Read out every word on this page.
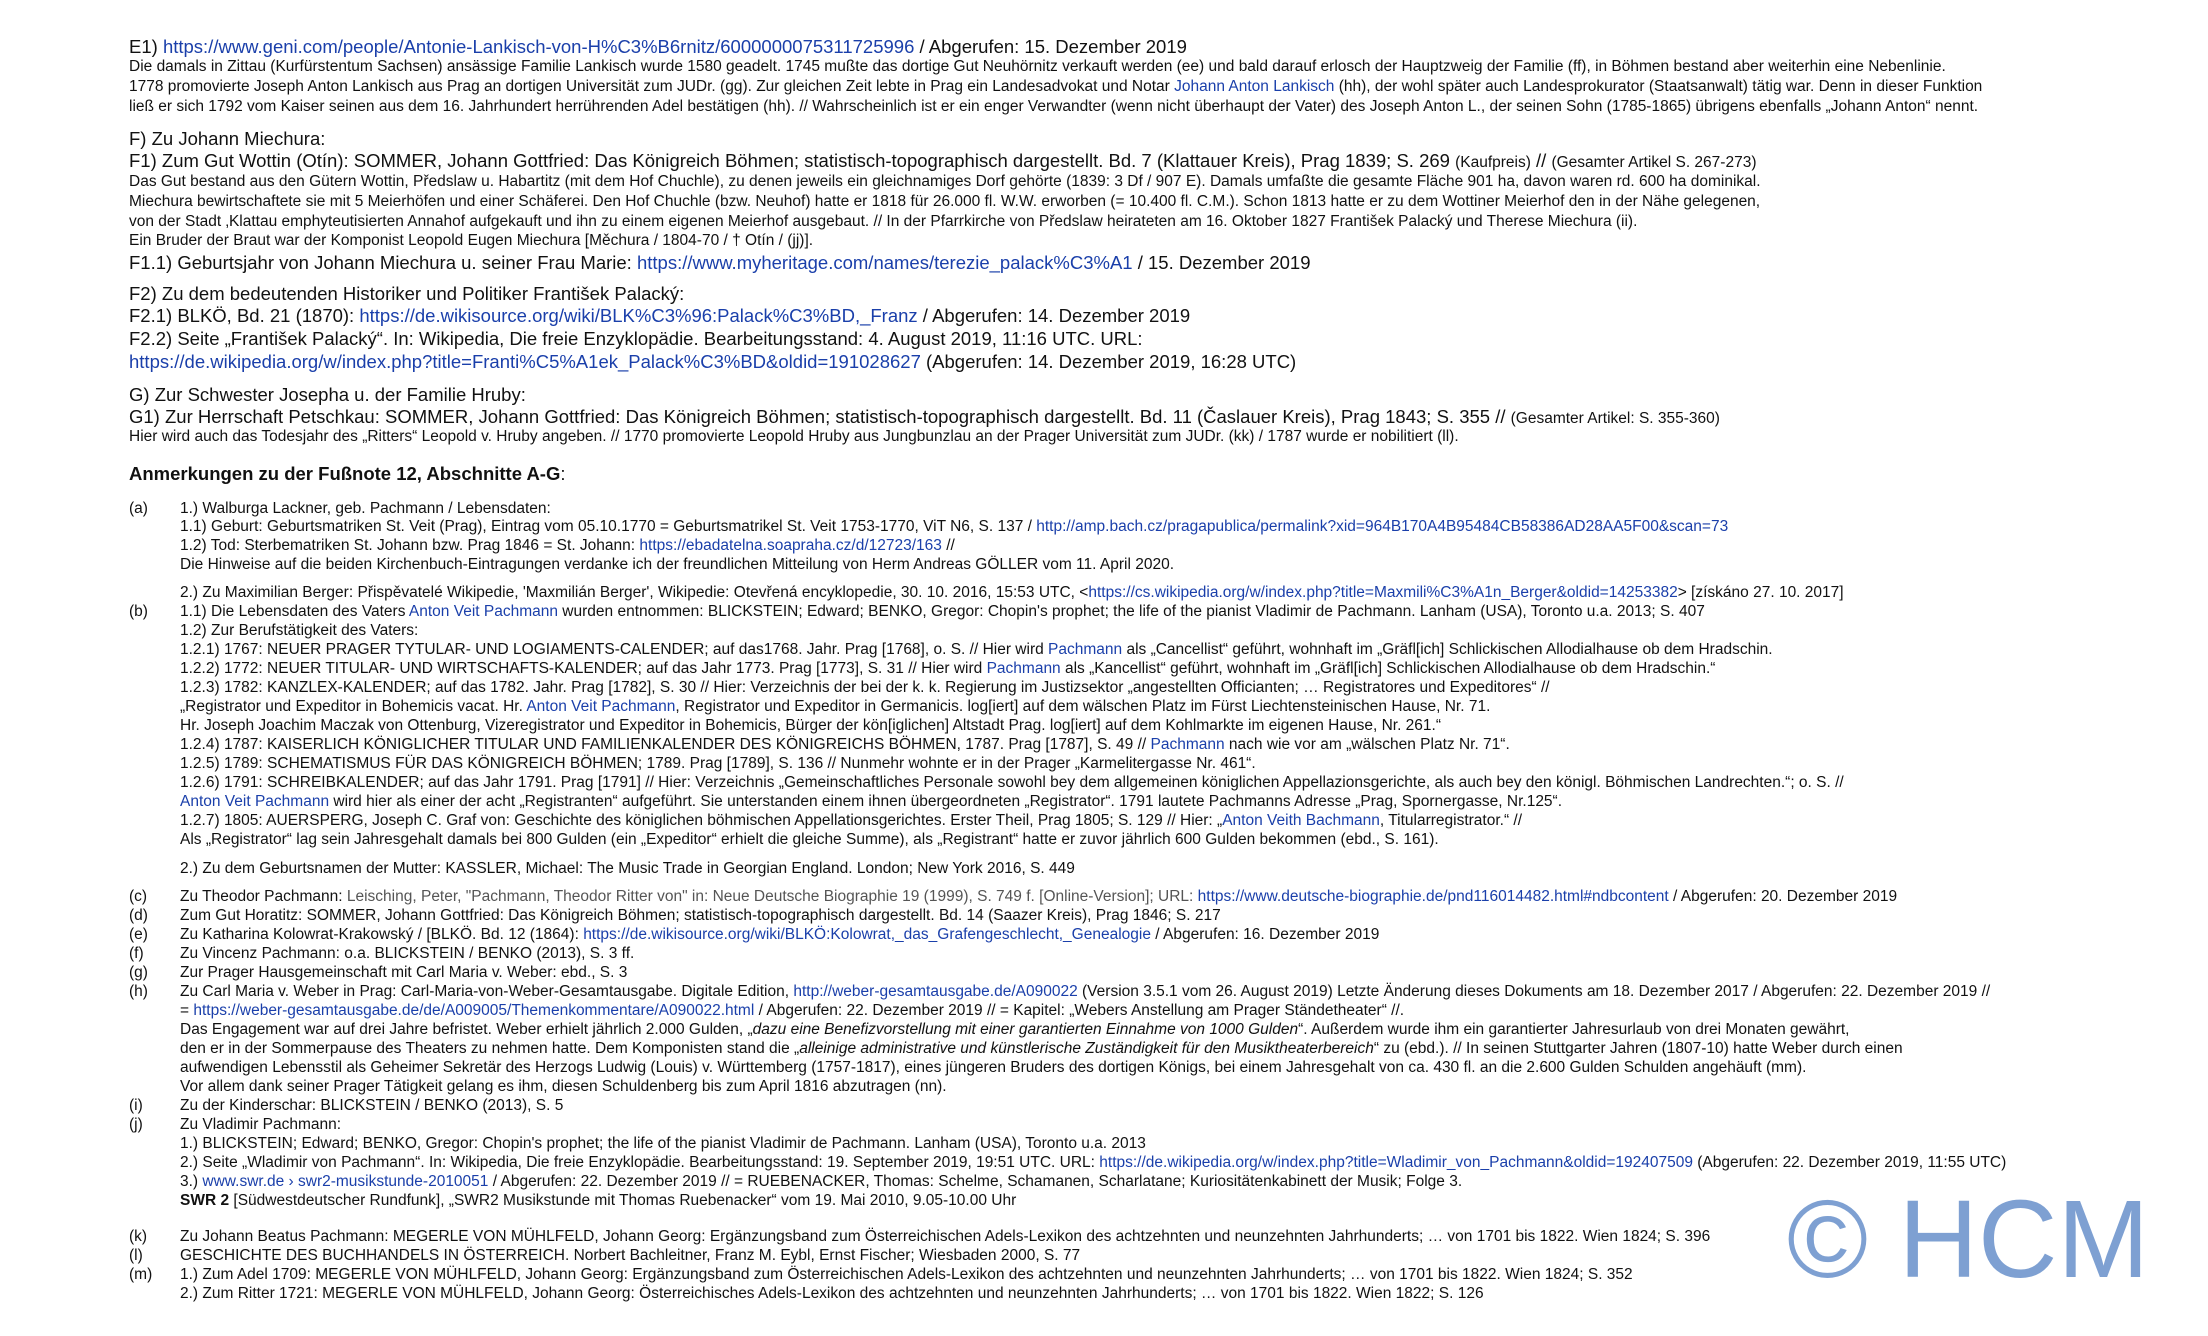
E1) https://www.geni.com/people/Antonie-Lankisch-von-H%C3%B6rnitz/6000000075311725996 / Abgerufen: 15. Dezember 2019
Die damals in Zittau (Kurfürstentum Sachsen) ansässige Familie Lankisch wurde 1580 geadelt. 1745 mußte das dortige Gut Neuhörnitz verkauft werden (ee) und bald darauf erlosch der Hauptzweig der Familie (ff), in Böhmen bestand aber weiterhin eine Nebenlinie.
1778 promovierte Joseph Anton Lankisch aus Prag an dortigen Universität zum JUDr. (gg). Zur gleichen Zeit lebte in Prag ein Landesadvokat und Notar Johann Anton Lankisch (hh), der wohl später auch Landesprokurator (Staatsanwalt) tätig war. Denn in dieser Funktion
ließ er sich 1792 vom Kaiser seinen aus dem 16. Jahrhundert herrührenden Adel bestätigen (hh). // Wahrscheinlich ist er ein enger Verwandter (wenn nicht überhaupt der Vater) des Joseph Anton L., der seinen Sohn (1785-1865) übrigens ebenfalls „Johann Anton“ nennt.
F) Zu Johann Miechura:
F1) Zum Gut Wottin (Otín): SOMMER, Johann Gottfried: Das Königreich Böhmen; statistisch-topographisch dargestellt. Bd. 7 (Klattauer Kreis), Prag 1839; S. 269 (Kaufpreis) // (Gesamter Artikel S. 267-273)
Das Gut bestand aus den Gütern Wottin, Předslaw u. Habartitz (mit dem Hof Chuchle), zu denen jeweils ein gleichnamiges Dorf gehörte (1839: 3 Df / 907 E). Damals umfaßte die gesamte Fläche 901 ha, davon waren rd. 600 ha dominikal.
Miechura bewirtschaftete sie mit 5 Meierhöfen und einer Schäferei. Den Hof Chuchle (bzw. Neuhof) hatte er 1818 für 26.000 fl. W.W. erworben (= 10.400 fl. C.M.). Schon 1813 hatte er zu dem Wottiner Meierhof den in der Nähe gelegenen,
von der Stadt ‚Klattau emphyteutisierten Annahof aufgekauft und ihn zu einem eigenen Meierhof ausgebaut. // In der Pfarrkirche von Předslaw heirateten am 16. Oktober 1827 František Palacký und Therese Miechura (ii).
Ein Bruder der Braut war der Komponist Leopold Eugen Miechura [Měchura / 1804-70 / † Otín / (jj)].
F1.1) Geburtsjahr von Johann Miechura u. seiner Frau Marie: https://www.myheritage.com/names/terezie_palack%C3%A1 / 15. Dezember 2019
F2) Zu dem bedeutenden Historiker und Politiker František Palacký:
F2.1) BLKÖ, Bd. 21 (1870): https://de.wikisource.org/wiki/BLK%C3%96:Palack%C3%BD,_Franz / Abgerufen: 14. Dezember 2019
F2.2) Seite „František Palacký“. In: Wikipedia, Die freie Enzyklopädie. Bearbeitungsstand: 4. August 2019, 11:16 UTC. URL:
https://de.wikipedia.org/w/index.php?title=Franti%C5%A1ek_Palack%C3%BD&oldid=191028627 (Abgerufen: 14. Dezember 2019, 16:28 UTC)
G) Zur Schwester Josepha u. der Familie Hruby:
G1) Zur Herrschaft Petschkau: SOMMER, Johann Gottfried: Das Königreich Böhmen; statistisch-topographisch dargestellt. Bd. 11 (Časlauer Kreis), Prag 1843; S. 355 // (Gesamter Artikel: S. 355-360)
Hier wird auch das Todesjahr des „Ritters“ Leopold v. Hruby angeben. // 1770 promovierte Leopold Hruby aus Jungbunzlau an der Prager Universität zum JUDr. (kk) / 1787 wurde er nobilitiert (ll).
Anmerkungen zu der Fußnote 12, Abschnitte A-G:
(a) 1.) Walburga Lackner, geb. Pachmann / Lebensdaten:
1.1) Geburt: Geburtsmatriken St. Veit (Prag), Eintrag vom 05.10.1770 = Geburtsmatrikel St. Veit 1753-1770, ViT N6, S. 137 / http://amp.bach.cz/pragapublica/permalink?xid=964B170A4B95484CB58386AD28AA5F00&scan=73
1.2) Tod: Sterbematriken St. Johann bzw. Prag 1846 = St. Johann: https://ebadatelna.soapraha.cz/d/12723/163 //
Die Hinweise auf die beiden Kirchenbuch-Eintragungen verdanke ich der freundlichen Mitteilung von Herm Andreas GÖLLER vom 11. April 2020.
2.) Zu Maximilian Berger: Přispěvatelé Wikipedie, 'Maxmilián Berger', Wikipedie: Otevřená encyklopedie, 30. 10. 2016, 15:53 UTC, <https://cs.wikipedia.org/w/index.php?title=Maxmili%C3%A1n_Berger&oldid=14253382> [získáno 27. 10. 2017]
(b) 1.1) Die Lebensdaten des Vaters Anton Veit Pachmann wurden entnommen: BLICKSTEIN; Edward; BENKO, Gregor: Chopin's prophet; the life of the pianist Vladimir de Pachmann. Lanham (USA), Toronto u.a. 2013; S. 407
1.2) Zur Berufstätigkeit des Vaters:
1.2.1) 1767: NEUER PRAGER TYTULAR- UND LOGIAMENTS-CALENDER; auf das1768. Jahr. Prag [1768], o. S. // Hier wird Pachmann als „Cancellist“ geführt, wohnhaft im „Gräfl[ich] Schlickischen Allodialhause ob dem Hradschin.
1.2.2) 1772: NEUER TITULAR- UND WIRTSCHAFTS-KALENDER; auf das Jahr 1773. Prag [1773], S. 31 // Hier wird Pachmann als „Kancellist“ geführt, wohnhaft im „Gräfl[ich] Schlickischen Allodialhause ob dem Hradschin.“
1.2.3) 1782: KANZLEX-KALENDER; auf das 1782. Jahr. Prag [1782], S. 30 // Hier: Verzeichnis der bei der k. k. Regierung im Justizsektor „angestellten Officianten; … Registratores und Expeditores“ //
„Registrator und Expeditor in Bohemicis vacat. Hr. Anton Veit Pachmann, Registrator und Expeditor in Germanicis. log[iert] auf dem wälschen Platz im Fürst Liechtensteinischen Hause, Nr. 71.
Hr. Joseph Joachim Maczak von Ottenburg, Vizeregistrator und Expeditor in Bohemicis, Bürger der kön[iglichen] Altstadt Prag. log[iert] auf dem Kohlmarkte im eigenen Hause, Nr. 261.“
1.2.4) 1787: KAISERLICH KÖNIGLICHER TITULAR UND FAMILIENKALENDER DES KÖNIGREICHS BÖHMEN, 1787. Prag [1787], S. 49 // Pachmann nach wie vor am „wälschen Platz Nr. 71“.
1.2.5) 1789: SCHEMATISMUS FÜR DAS KÖNIGREICH BÖHMEN; 1789. Prag [1789], S. 136 // Nunmehr wohnte er in der Prager „Karmelitergasse Nr. 461“.
1.2.6) 1791: SCHREIBKALENDER; auf das Jahr 1791. Prag [1791] // Hier: Verzeichnis „Gemeinschaftliches Personale sowohl bey dem allgemeinen königlichen Appellazionsgerichte, als auch bey den königl. Böhmischen Landrechten.“; o. S. //
Anton Veit Pachmann wird hier als einer der acht „Registranten“ aufgeführt. Sie unterstanden einem ihnen übergeordneten „Registrator“. 1791 lautete Pachmanns Adresse „Prag, Spornergasse, Nr.125“.
1.2.7) 1805: AUERSPERG, Joseph C. Graf von: Geschichte des königlichen böhmischen Appellationsgerichtes. Erster Theil, Prag 1805; S. 129 // Hier: „Anton Veith Bachmann, Titularregistrator.“ //
Als „Registrator“ lag sein Jahresgehalt damals bei 800 Gulden (ein „Expeditor“ erhielt die gleiche Summe), als „Registrant“ hatte er zuvor jährlich 600 Gulden bekommen (ebd., S. 161).
2.) Zu dem Geburtsnamen der Mutter: KASSLER, Michael: The Music Trade in Georgian England. London; New York 2016, S. 449
(c) Zu Theodor Pachmann: Leisching, Peter, "Pachmann, Theodor Ritter von" in: Neue Deutsche Biographie 19 (1999), S. 749 f. [Online-Version]; URL: https://www.deutsche-biographie.de/pnd116014482.html#ndbcontent / Abgerufen: 20. Dezember 2019
(d) Zum Gut Horatitz: SOMMER, Johann Gottfried: Das Königreich Böhmen; statistisch-topographisch dargestellt. Bd. 14 (Saazer Kreis), Prag 1846; S. 217
(e) Zu Katharina Kolowrat-Krakowský / [BLKÖ. Bd. 12 (1864): https://de.wikisource.org/wiki/BLKÖ:Kolowrat,_das_Grafengeschlecht,_Genealogie / Abgerufen: 16. Dezember 2019
(f) Zu Vincenz Pachmann: o.a. BLICKSTEIN / BENKO (2013), S. 3 ff.
(g) Zur Prager Hausgemeinschaft mit Carl Maria v. Weber: ebd., S. 3
(h) Zu Carl Maria v. Weber in Prag: Carl-Maria-von-Weber-Gesamtausgabe. Digitale Edition, http://weber-gesamtausgabe.de/A090022 (Version 3.5.1 vom 26. August 2019) Letzte Änderung dieses Dokuments am 18. Dezember 2017 / Abgerufen: 22. Dezember 2019 //
= https://weber-gesamtausgabe.de/de/A009005/Themenkommentare/A090022.html / Abgerufen: 22. Dezember 2019 // = Kapitel: „Webers Anstellung am Prager Ständetheater“ //.
Das Engagement war auf drei Jahre befristet. Weber erhielt jährlich 2.000 Gulden, „dazu eine Benefizvorstellung mit einer garantierten Einnahme von 1000 Gulden“. Außerdem wurde ihm ein garantierter Jahresurlaub von drei Monaten gewährt,
den er in der Sommerpause des Theaters zu nehmen hatte. Dem Komponisten stand die „alleinige administrative und künstlerische Zuständigkeit für den Musiktheaterbereich“ zu (ebd.). // In seinen Stuttgarter Jahren (1807-10) hatte Weber durch einen
aufwendigen Lebensstil als Geheimer Sekretär des Herzogs Ludwig (Louis) v. Württemberg (1757-1817), eines jüngeren Bruders des dortigen Königs, bei einem Jahresgehalt von ca. 430 fl. an die 2.600 Gulden Schulden angehäuft (mm).
Vor allem dank seiner Prager Tätigkeit gelang es ihm, diesen Schuldenberg bis zum April 1816 abzutragen (nn).
(i) Zu der Kinderschar: BLICKSTEIN / BENKO (2013), S. 5
(j) Zu Vladimir Pachmann:
1.) BLICKSTEIN; Edward; BENKO, Gregor: Chopin's prophet; the life of the pianist Vladimir de Pachmann. Lanham (USA), Toronto u.a. 2013
2.) Seite „Wladimir von Pachmann“. In: Wikipedia, Die freie Enzyklopädie. Bearbeitungsstand: 19. September 2019, 19:51 UTC. URL: https://de.wikipedia.org/w/index.php?title=Wladimir_von_Pachmann&oldid=192407509 (Abgerufen: 22. Dezember 2019, 11:55 UTC)
3.) www.swr.de › swr2-musikstunde-2010051 / Abgerufen: 22. Dezember 2019 // = RUEBENACKER, Thomas: Schelme, Schamanen, Scharlatane; Kuriositätenkabinett der Musik; Folge 3.
SWR 2 [Südwestdeutscher Rundfunk], „SWR2 Musikstunde mit Thomas Ruebenacker“ vom 19. Mai 2010, 9.05-10.00 Uhr
(k) Zu Johann Beatus Pachmann: MEGERLE VON MÜHLFELD, Johann Georg: Ergänzungsband zum Österreichischen Adels-Lexikon des achtzehnten und neunzehnten Jahrhunderts; … von 1701 bis 1822. Wien 1824; S. 396
(l) GESCHICHTE DES BUCHHANDELS IN ÖSTERREICH. Norbert Bachleitner, Franz M. Eybl, Ernst Fischer; Wiesbaden 2000, S. 77
(m) 1.) Zum Adel 1709: MEGERLE VON MÜHLFELD, Johann Georg: Ergänzungsband zum Österreichischen Adels-Lexikon des achtzehnten und neunzehnten Jahrhunderts; … von 1701 bis 1822. Wien 1824; S. 352
2.) Zum Ritter 1721: MEGERLE VON MÜHLFELD, Johann Georg: Österreichisches Adels-Lexikon des achtzehnten und neunzehnten Jahrhunderts; … von 1701 bis 1822. Wien 1822; S. 126	© HCM
